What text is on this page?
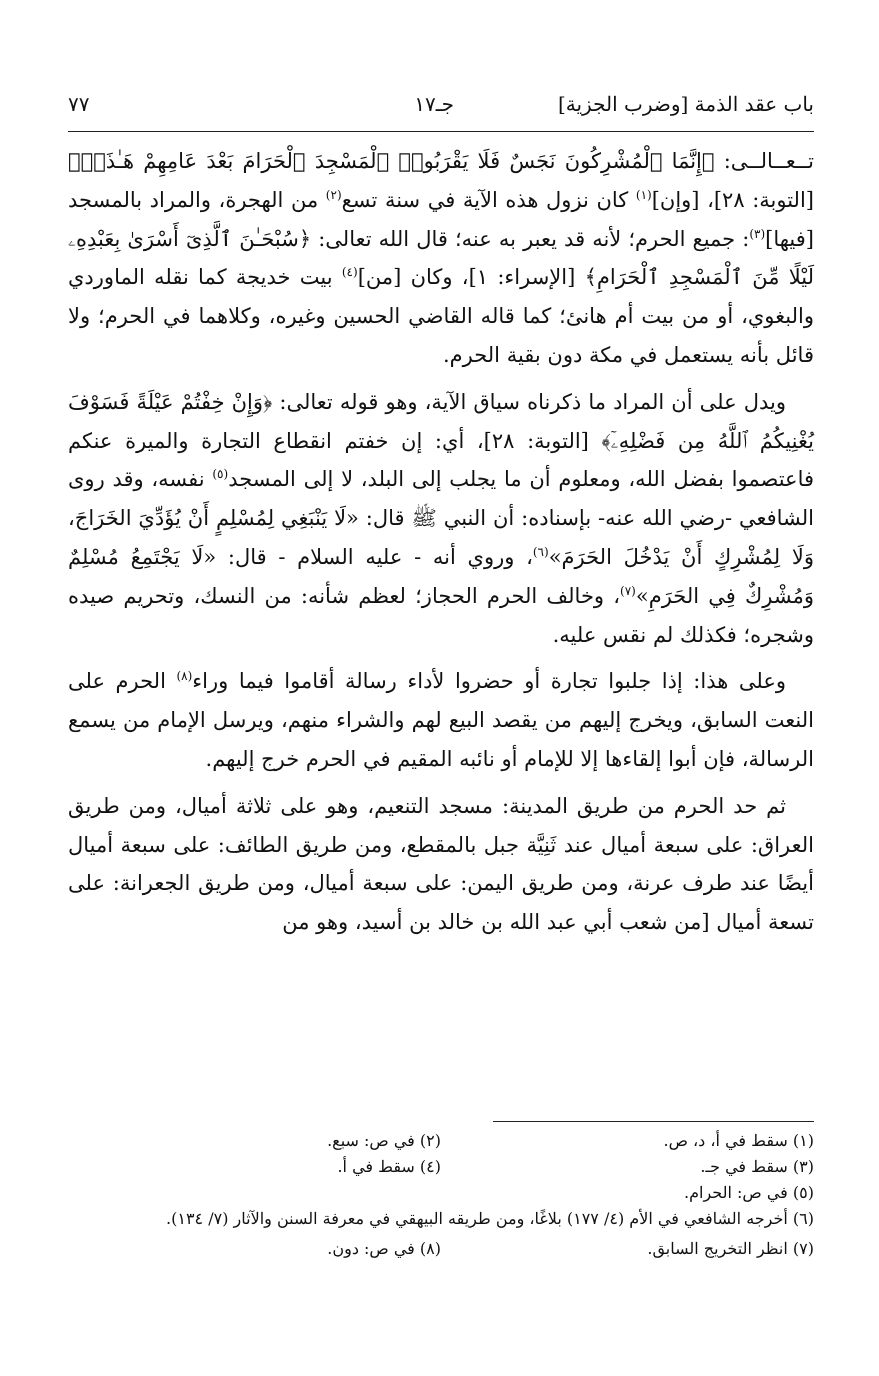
باب عقد الذمة [وضرب الجزية]
جـ١٧
٧٧

تــعــالــى: ﴿إِنَّمَا ٱلْمُشْرِكُونَ نَجَسٌ فَلَا يَقْرَبُوا۟ ٱلْمَسْجِدَ ٱلْحَرَامَ بَعْدَ عَامِهِمْ هَـٰذَاۚ﴾ [التوبة: ٢٨]، [وإن]$^{(١)}$ كان نزول هذه الآية في سنة تسع$^{(٢)}$ من الهجرة، والمراد بالمسجد [فيها]$^{(٣)}$: جميع الحرم؛ لأنه قد يعبر به عنه؛ قال الله تعالى: ﴿سُبْحَـٰنَ ٱلَّذِىٓ أَسْرَىٰ بِعَبْدِهِۦ لَيْلًا مِّنَ ٱلْمَسْجِدِ ٱلْحَرَامِ﴾ [الإسراء: ١]، وكان [من]$^{(٤)}$ بيت خديجة كما نقله الماوردي والبغوي، أو من بيت أم هانئ؛ كما قاله القاضي الحسين وغيره، وكلاهما في الحرم؛ ولا قائل بأنه يستعمل في مكة دون بقية الحرم.

ويدل على أن المراد ما ذكرناه سياق الآية، وهو قوله تعالى: ﴿وَإِنْ خِفْتُمْ عَيْلَةً فَسَوْفَ يُغْنِيكُمُ ٱللَّهُ مِن فَضْلِهِۦٓ﴾ [التوبة: ٢٨]، أي: إن خفتم انقطاع التجارة والميرة عنكم فاعتصموا بفضل الله، ومعلوم أن ما يجلب إلى البلد، لا إلى المسجد$^{(٥)}$ نفسه، وقد روى الشافعي -رضي الله عنه- بإسناده: أن النبي ﷺ قال: «لَا يَنْبَغِي لِمُسْلِمٍ أَنْ يُؤَدِّيَ الخَرَاجَ، وَلَا لِمُشْرِكٍ أَنْ يَدْخُلَ الحَرَمَ»$^{(٦)}$، وروي أنه - عليه السلام - قال: «لَا يَجْتَمِعُ مُسْلِمٌ وَمُشْرِكٌ فِي الحَرَمِ»$^{(٧)}$، وخالف الحرم الحجاز؛ لعظم شأنه: من النسك، وتحريم صيده وشجره؛ فكذلك لم نقس عليه.

وعلى هذا: إذا جلبوا تجارة أو حضروا لأداء رسالة أقاموا فيما وراء$^{(٨)}$ الحرم على النعت السابق، ويخرج إليهم من يقصد البيع لهم والشراء منهم، ويرسل الإمام من يسمع الرسالة، فإن أبوا إلقاءها إلا للإمام أو نائبه المقيم في الحرم خرج إليهم.

ثم حد الحرم من طريق المدينة: مسجد التنعيم، وهو على ثلاثة أميال، ومن طريق العراق: على سبعة أميال عند ثَنِيَّة جبل بالمقطع، ومن طريق الطائف: على سبعة أميال أيضًا عند طرف عرنة، ومن طريق اليمن: على سبعة أميال، ومن طريق الجعرانة: على تسعة أميال [من شعب أبي عبد الله بن خالد بن أسيد، وهو من

(١) سقط في أ، د، ص.
(٢) في ص: سبع.
(٣) سقط في جـ.
(٤) سقط في أ.
(٥) في ص: الحرام.
(٦) أخرجه الشافعي في الأم (٤/ ١٧٧) بلاغًا، ومن طريقه البيهقي في معرفة السنن والآثار (٧/ ١٣٤).
(٧) انظر التخريج السابق.
(٨) في ص: دون.
